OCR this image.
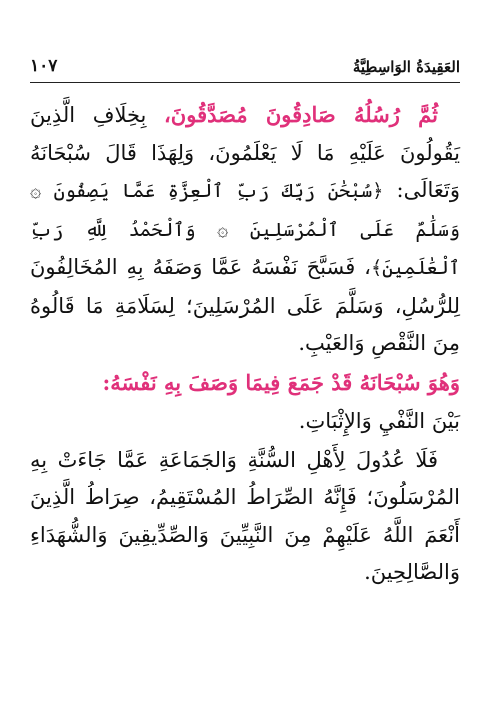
العَقِيدَةُ الوَاسِطِيَّةُ
١٠٧

ثُمَّ رُسُلُهُ صَادِقُونَ مُصَدَّقُونَ، بِخِلَافِ الَّذِينَ يَقُولُونَ عَلَيْهِ مَا لَا يَعْلَمُونَ، وَلِهَذَا قَالَ سُبْحَانَهُ وَتَعَالَى: ﴿سُبْحَٰنَ رَبِّكَ رَبِّ ٱلْعِزَّةِ عَمَّا يَصِفُونَ ۞ وَسَلَٰمٌ عَلَى ٱلْمُرْسَلِينَ ۞ وَٱلْحَمْدُ لِلَّهِ رَبِّ ٱلْعَٰلَمِينَ﴾، فَسَبَّحَ نَفْسَهُ عَمَّا وَصَفَهُ بِهِ المُخَالِفُونَ لِلرُّسُلِ، وَسَلَّمَ عَلَى المُرْسَلِينَ؛ لِسَلَامَةِ مَا قَالُوهُ مِنَ النَّقْصِ وَالعَيْبِ.

وَهُوَ سُبْحَانَهُ قَدْ جَمَعَ فِيمَا وَصَفَ بِهِ نَفْسَهُ:

بَيْنَ النَّفْيِ وَالإِثْبَاتِ.

فَلَا عُدُولَ لِأَهْلِ السُّنَّةِ وَالجَمَاعَةِ عَمَّا جَاءَتْ بِهِ المُرْسَلُونَ؛ فَإِنَّهُ الصِّرَاطُ المُسْتَقِيمُ، صِرَاطُ الَّذِينَ أَنْعَمَ اللَّهُ عَلَيْهِمْ مِنَ النَّبِيِّينَ وَالصِّدِّيقِينَ وَالشُّهَدَاءِ وَالصَّالِحِينَ.
